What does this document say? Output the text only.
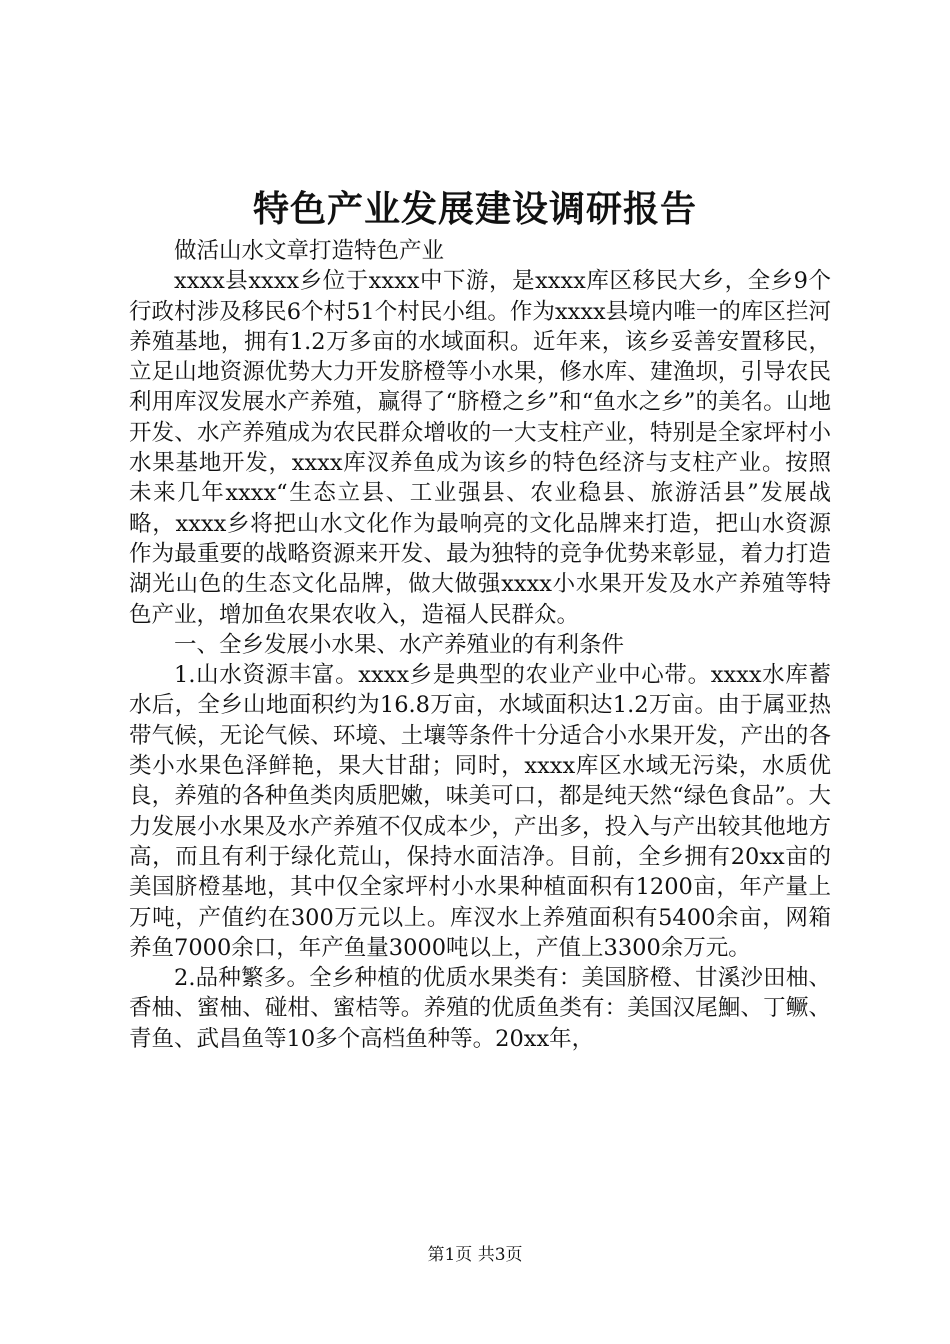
特色产业发展建设调研报告

做活山水文章打造特色产业

xxxx县xxxx乡位于xxxx中下游，是xxxx库区移民大乡，全乡9个行政村涉及移民6个村51个村民小组。作为xxxx县境内唯一的库区拦河养殖基地，拥有1.2万多亩的水域面积。近年来，该乡妥善安置移民，立足山地资源优势大力开发脐橙等小水果，修水库、建渔坝，引导农民利用库汊发展水产养殖，赢得了“脐橙之乡”和“鱼水之乡”的美名。山地开发、水产养殖成为农民群众增收的一大支柱产业，特别是全家坪村小水果基地开发，xxxx库汊养鱼成为该乡的特色经济与支柱产业。按照未来几年xxxx“生态立县、工业强县、农业稳县、旅游活县”发展战略，xxxx乡将把山水文化作为最响亮的文化品牌来打造，把山水资源作为最重要的战略资源来开发、最为独特的竞争优势来彰显，着力打造湖光山色的生态文化品牌，做大做强xxxx小水果开发及水产养殖等特色产业，增加鱼农果农收入，造福人民群众。

一、全乡发展小水果、水产养殖业的有利条件

1.山水资源丰富。xxxx乡是典型的农业产业中心带。xxxx水库蓄水后，全乡山地面积约为16.8万亩，水域面积达1.2万亩。由于属亚热带气候，无论气候、环境、土壤等条件十分适合小水果开发，产出的各类小水果色泽鲜艳，果大甘甜；同时，xxxx库区水域无污染，水质优良，养殖的各种鱼类肉质肥嫩，味美可口，都是纯天然“绿色食品”。大力发展小水果及水产养殖不仅成本少，产出多，投入与产出较其他地方高，而且有利于绿化荒山，保持水面洁净。目前，全乡拥有20xx亩的美国脐橙基地，其中仅全家坪村小水果种植面积有1200亩，年产量上万吨，产值约在300万元以上。库汊水上养殖面积有5400余亩，网箱养鱼7000余口，年产鱼量3000吨以上，产值上3300余万元。

2.品种繁多。全乡种植的优质水果类有：美国脐橙、甘溪沙田柚、香柚、蜜柚、碰柑、蜜桔等。养殖的优质鱼类有：美国汉尾鮰、丁鳜、青鱼、武昌鱼等10多个高档鱼种等。20xx年，

第1页 共3页
